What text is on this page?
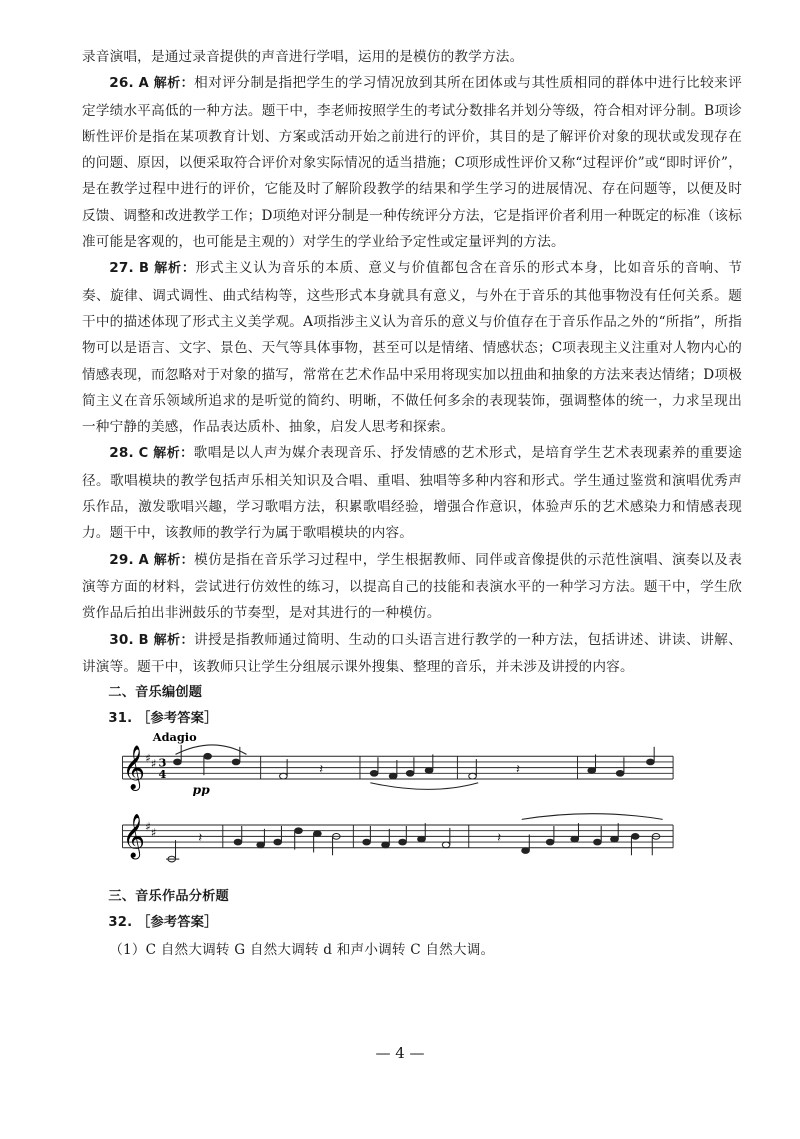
录音演唱，是通过录音提供的声音进行学唱，运用的是模仿的教学方法。

26. A 解析：相对评分制是指把学生的学习情况放到其所在团体或与其性质相同的群体中进行比较来评定学绩水平高低的一种方法。题干中，李老师按照学生的考试分数排名并划分等级，符合相对评分制。B项诊断性评价是指在某项教育计划、方案或活动开始之前进行的评价，其目的是了解评价对象的现状或发现存在的问题、原因，以便采取符合评价对象实际情况的适当措施；C项形成性评价又称“过程评价”或“即时评价”，是在教学过程中进行的评价，它能及时了解阶段教学的结果和学生学习的进展情况、存在问题等，以便及时反馈、调整和改进教学工作；D项绝对评分制是一种传统评分方法，它是指评价者利用一种既定的标准（该标准可能是客观的，也可能是主观的）对学生的学业给予定性或定量评判的方法。

27. B 解析：形式主义认为音乐的本质、意义与价值都包含在音乐的形式本身，比如音乐的音响、节奏、旋律、调式调性、曲式结构等，这些形式本身就具有意义，与外在于音乐的其他事物没有任何关系。题干中的描述体现了形式主义美学观。A项指涉主义认为音乐的意义与价值存在于音乐作品之外的“所指”，所指物可以是语言、文字、景色、天气等具体事物，甚至可以是情绪、情感状态；C项表现主义注重对人物内心的情感表现，而忽略对于对象的描写，常常在艺术作品中采用将现实加以扭曲和抽象的方法来表达情绪；D项极简主义在音乐领域所追求的是听觉的简约、明晰，不做任何多余的表现装饰，强调整体的统一，力求呈现出一种宁静的美感，作品表达质朴、抽象，启发人思考和探索。

28. C 解析：歌唱是以人声为媒介表现音乐、抒发情感的艺术形式，是培育学生艺术表现素养的重要途径。歌唱模块的教学包括声乐相关知识及合唱、重唱、独唱等多种内容和形式。学生通过鉴赏和演唱优秀声乐作品，激发歌唱兴趣，学习歌唱方法，积累歌唱经验，增强合作意识，体验声乐的艺术感染力和情感表现力。题干中，该教师的教学行为属于歌唱模块的内容。

29. A 解析：模仿是指在音乐学习过程中，学生根据教师、同伴或音像提供的示范性演唱、演奏以及表演等方面的材料，尝试进行仿效性的练习，以提高自己的技能和表演水平的一种学习方法。题干中，学生欣赏作品后拍出非洲鼓乐的节奏型，是对其进行的一种模仿。

30. B 解析：讲授是指教师通过简明、生动的口头语言进行教学的一种方法，包括讲述、讲读、讲解、讲演等。题干中，该教师只让学生分组展示课外搜集、整理的音乐，并未涉及讲授的内容。

二、音乐编创题

31. ［参考答案］

Adagio
𝄞 ♯ ♯ 3
4
pp
𝄽	𝄽
𝄞 ♯ ♯	𝄽	𝄽

三、音乐作品分析题

32. ［参考答案］

（1）C 自然大调转 G 自然大调转 d 和声小调转 C 自然大调。

— 4 —
